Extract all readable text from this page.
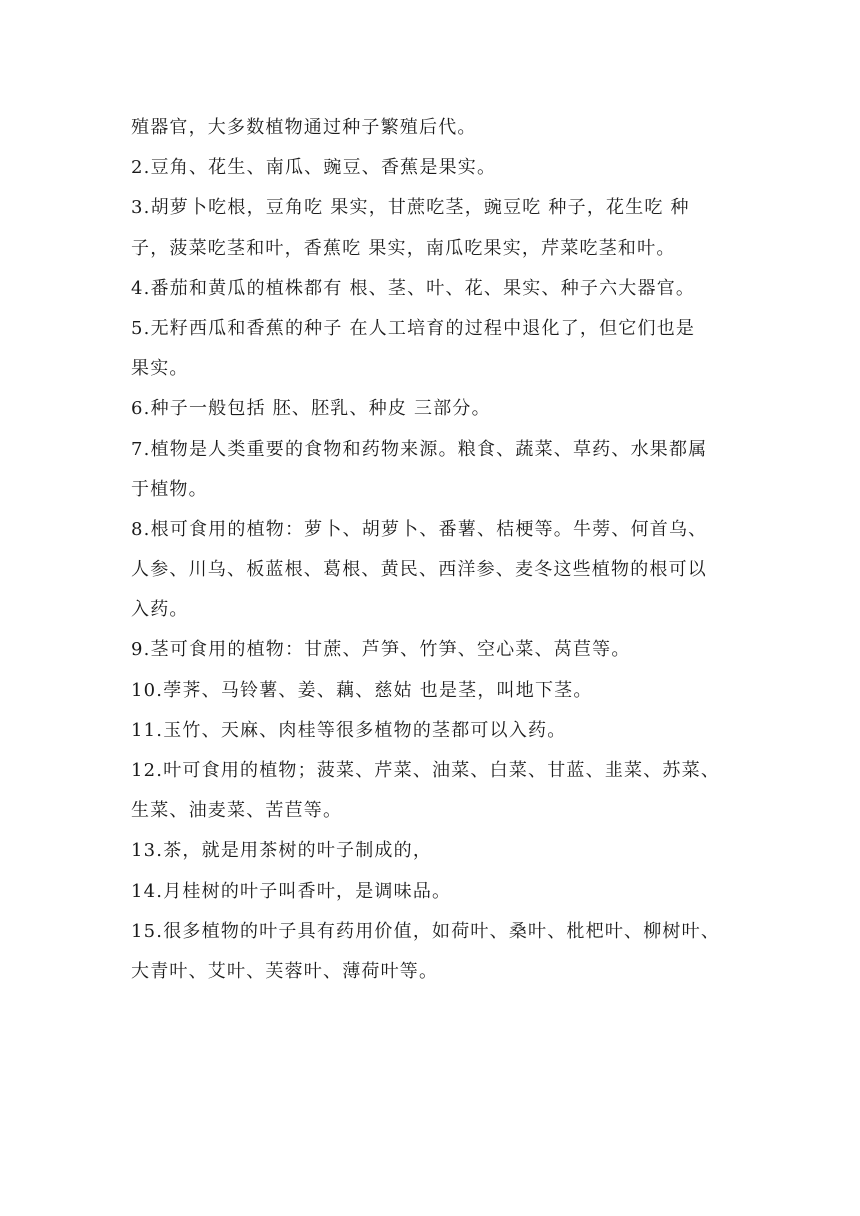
殖器官，大多数植物通过种子繁殖后代。
2.豆角、花生、南瓜、豌豆、香蕉是果实。
3.胡萝卜吃根，豆角吃 果实，甘蔗吃茎，豌豆吃 种子，花生吃 种
子，菠菜吃茎和叶，香蕉吃 果实，南瓜吃果实，芹菜吃茎和叶。
4.番茄和黄瓜的植株都有 根、茎、叶、花、果实、种子六大器官。
5.无籽西瓜和香蕉的种子 在人工培育的过程中退化了，但它们也是
果实。
6.种子一般包括 胚、胚乳、种皮 三部分。
7.植物是人类重要的食物和药物来源。粮食、蔬菜、草药、水果都属
于植物。
8.根可食用的植物：萝卜、胡萝卜、番薯、桔梗等。牛蒡、何首乌、
人参、川乌、板蓝根、葛根、黄民、西洋参、麦冬这些植物的根可以
入药。
9.茎可食用的植物：甘蔗、芦笋、竹笋、空心菜、莴苣等。
10.荸荠、马铃薯、姜、藕、慈姑 也是茎，叫地下茎。
11.玉竹、天麻、肉桂等很多植物的茎都可以入药。
12.叶可食用的植物；菠菜、芹菜、油菜、白菜、甘蓝、韭菜、苏菜、
生菜、油麦菜、苦苣等。
13.茶，就是用茶树的叶子制成的，
14.月桂树的叶子叫香叶，是调味品。
15.很多植物的叶子具有药用价值，如荷叶、桑叶、枇杷叶、柳树叶、
大青叶、艾叶、芙蓉叶、薄荷叶等。
